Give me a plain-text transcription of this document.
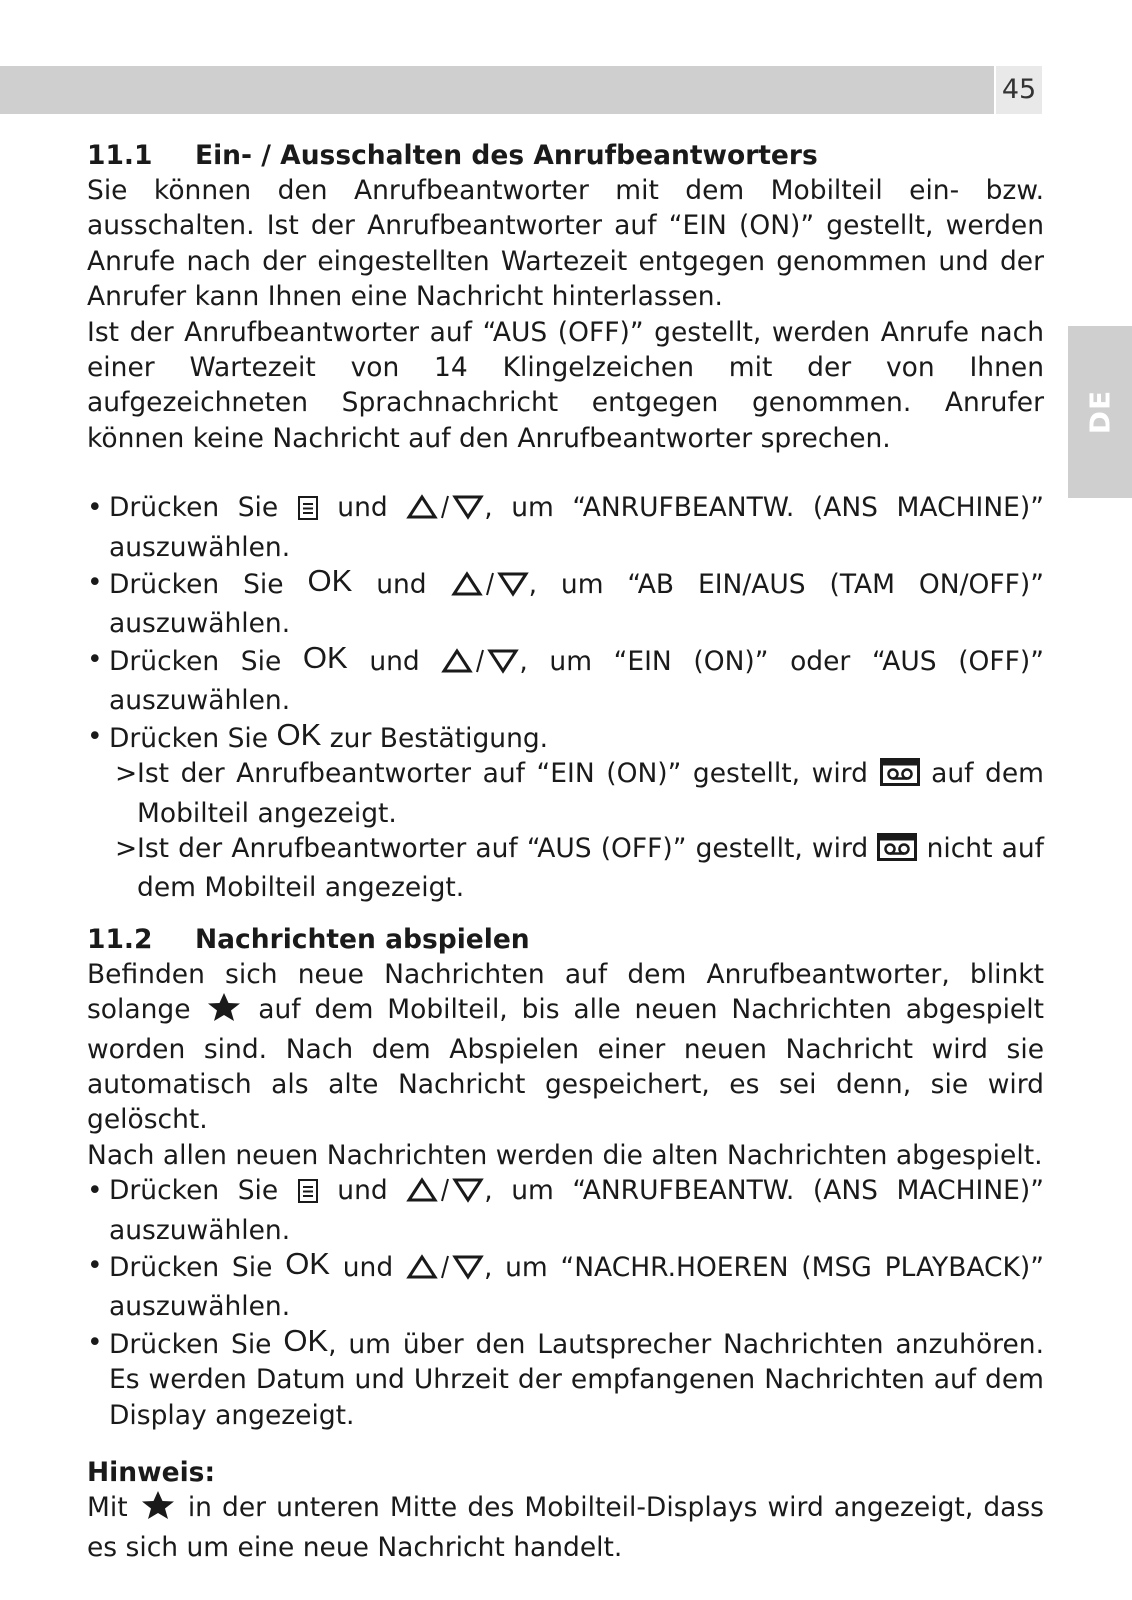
45
DE
11.1	Ein- / Ausschalten des Anrufbeantworters

Sie können den Anrufbeantworter mit dem Mobilteil ein- bzw. ausschalten. Ist der Anrufbeantworter auf “EIN (ON)” gestellt, werden Anrufe nach der eingestellten Wartezeit entgegen genommen und der Anrufer kann Ihnen eine Nachricht hinterlassen.

Ist der Anrufbeantworter auf “AUS (OFF)” gestellt, werden Anrufe nach einer Wartezeit von 14 Klingelzeichen mit der von Ihnen aufgezeichneten Sprachnachricht entgegen genommen. Anrufer können keine Nachricht auf den Anrufbeantworter sprechen.

• Drücken Sie und	, um “ANRUFBEANTW. (ANS MACHINE)” auszuwählen.
• Drücken Sie OK und	, um “AB EIN/AUS (TAM ON/OFF)” auszuwählen.
• Drücken Sie OK und	, um “EIN (ON)” oder “AUS (OFF)” auszuwählen.
• Drücken Sie OK zur Bestätigung.
> Ist der Anrufbeantworter auf “EIN (ON)” gestellt, wird auf dem Mobilteil angezeigt.
> Ist der Anrufbeantworter auf “AUS (OFF)” gestellt, wird nicht auf dem Mobilteil angezeigt.
11.2	Nachrichten abspielen

Befinden sich neue Nachrichten auf dem Anrufbeantworter, blinkt solange	auf dem Mobilteil, bis alle neuen Nachrichten abgespielt worden sind. Nach dem Abspielen einer neuen Nachricht wird sie automatisch als alte Nachricht gespeichert, es sei denn, sie wird gelöscht.

Nach allen neuen Nachrichten werden die alten Nachrichten abgespielt.

• Drücken Sie und	, um “ANRUFBEANTW. (ANS MACHINE)” auszuwählen.
• Drücken Sie OK und	, um “NACHR.HOEREN (MSG PLAYBACK)” auszuwählen.
• Drücken Sie OK, um über den Lautsprecher Nachrichten anzuhören. Es werden Datum und Uhrzeit der empfangenen Nachrichten auf dem Display angezeigt.
Hinweis:

Mit in der unteren Mitte des Mobilteil-Displays wird angezeigt, dass es sich um eine neue Nachricht handelt.
